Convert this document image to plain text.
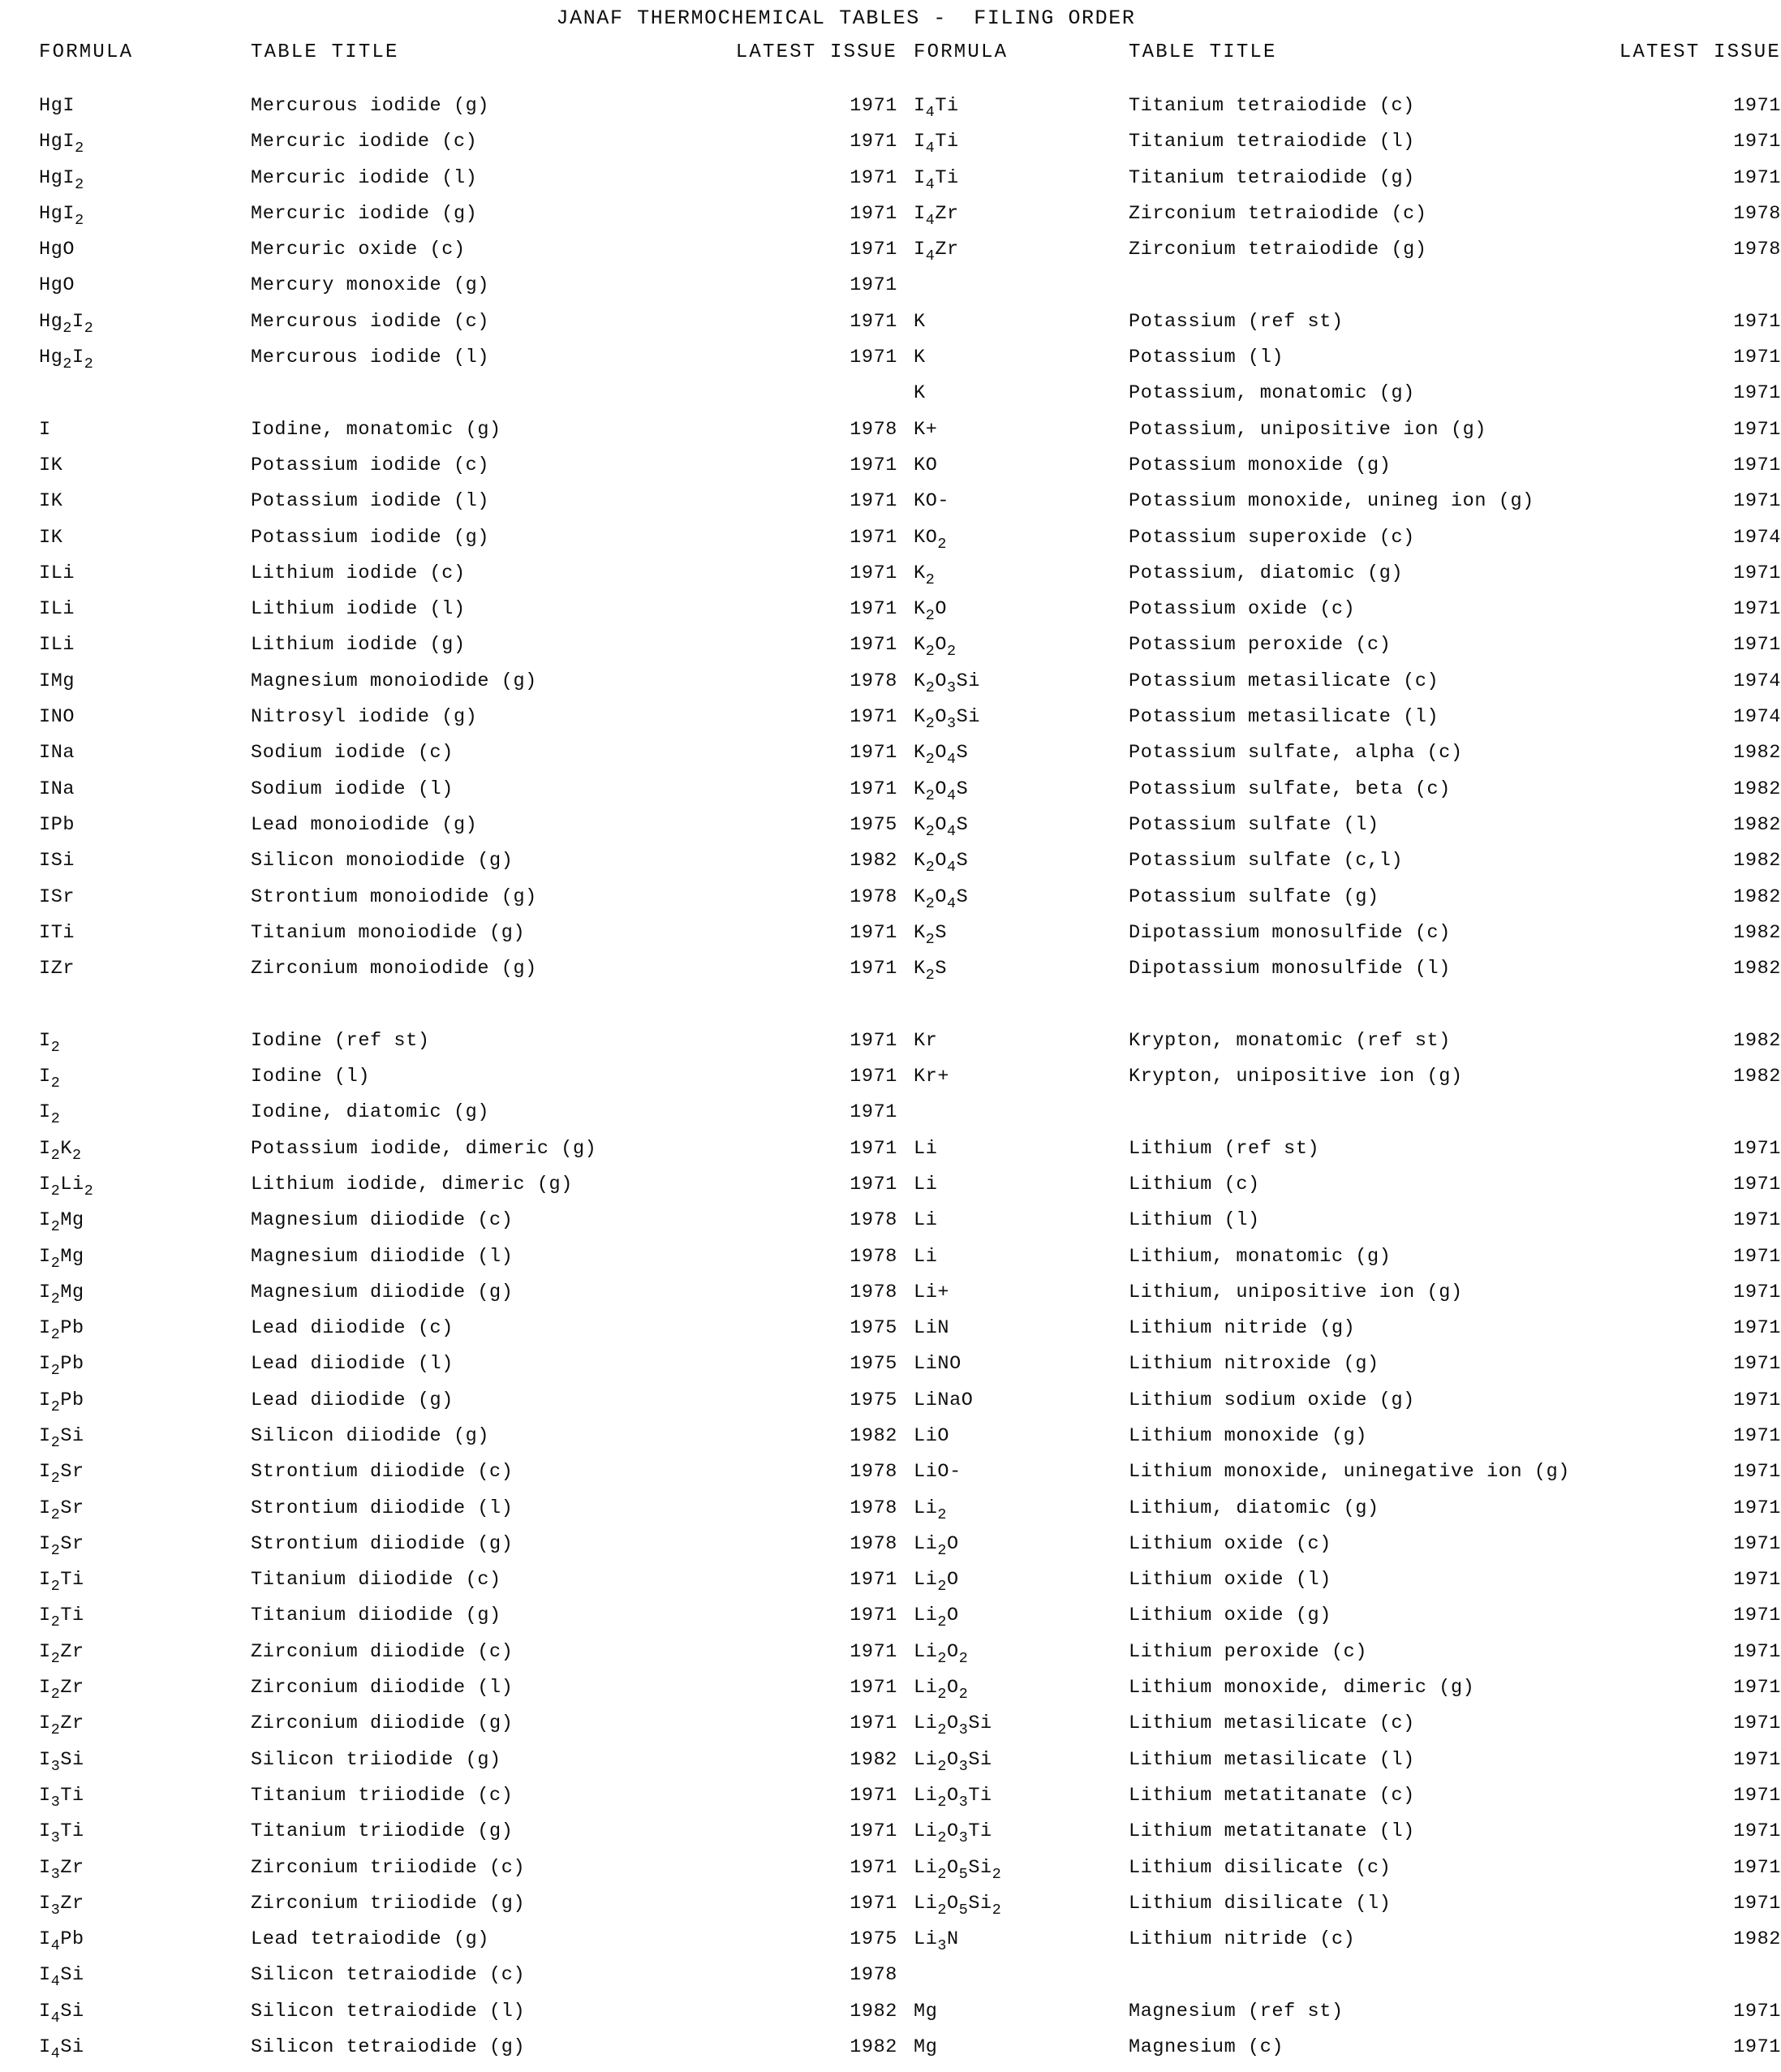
JANAF THERMOCHEMICAL TABLES -  FILING ORDER
FORMULA	TABLE TITLE	LATEST ISSUE
HgI	Mercurous iodide (g)	1971
HgI$_2$	Mercuric iodide (c)	1971
HgI$_2$	Mercuric iodide (l)	1971
HgI$_2$	Mercuric iodide (g)	1971
HgO	Mercuric oxide (c)	1971
HgO	Mercury monoxide (g)	1971
$Hg_2I_2$	Mercurous iodide (c)	1971
$Hg_2I_2$	Mercurous iodide (l)	1971
I	Iodine, monatomic (g)	1978
IK	Potassium iodide (c)	1971
IK	Potassium iodide (l)	1971
IK	Potassium iodide (g)	1971
ILi	Lithium iodide (c)	1971
ILi	Lithium iodide (l)	1971
ILi	Lithium iodide (g)	1971
IMg	Magnesium monoiodide (g)	1978
INO	Nitrosyl iodide (g)	1971
INa	Sodium iodide (c)	1971
INa	Sodium iodide (l)	1971
IPb	Lead monoiodide (g)	1975
ISi	Silicon monoiodide (g)	1982
ISr	Strontium monoiodide (g)	1978
ITi	Titanium monoiodide (g)	1971
IZr	Zirconium monoiodide (g)	1971
$I_2$	Iodine (ref st)	1971
$I_2$	Iodine (l)	1971
$I_2$	Iodine, diatomic (g)	1971
$I_2K_2$	Potassium iodide, dimeric (g)	1971
$I_2Li_2$	Lithium iodide, dimeric (g)	1971
$I_2Mg$	Magnesium diiodide (c)	1978
$I_2Mg$	Magnesium diiodide (l)	1978
$I_2Mg$	Magnesium diiodide (g)	1978
$I_2Pb$	Lead diiodide (c)	1975
$I_2Pb$	Lead diiodide (l)	1975
$I_2Pb$	Lead diiodide (g)	1975
$I_2Si$	Silicon diiodide (g)	1982
$I_2Sr$	Strontium diiodide (c)	1978
$I_2Sr$	Strontium diiodide (l)	1978
$I_2Sr$	Strontium diiodide (g)	1978
$I_2Ti$	Titanium diiodide (c)	1971
$I_2Ti$	Titanium diiodide (g)	1971
$I_2Zr$	Zirconium diiodide (c)	1971
$I_2Zr$	Zirconium diiodide (l)	1971
$I_2Zr$	Zirconium diiodide (g)	1971
$I_3Si$	Silicon triiodide (g)	1982
$I_3Ti$	Titanium triiodide (c)	1971
$I_3Ti$	Titanium triiodide (g)	1971
$I_3Zr$	Zirconium triiodide (c)	1971
$I_3Zr$	Zirconium triiodide (g)	1971
$I_4Pb$	Lead tetraiodide (g)	1975
$I_4Si$	Silicon tetraiodide (c)	1978
$I_4Si$	Silicon tetraiodide (l)	1982
$I_4Si$	Silicon tetraiodide (g)	1982
FORMULA	TABLE TITLE	LATEST ISSUE
$I_4Ti$	Titanium tetraiodide (c)	1971
$I_4Ti$	Titanium tetraiodide (l)	1971
$I_4Ti$	Titanium tetraiodide (g)	1971
$I_4Zr$	Zirconium tetraiodide (c)	1978
$I_4Zr$	Zirconium tetraiodide (g)	1978
K	Potassium (ref st)	1971
K	Potassium (l)	1971
K	Potassium, monatomic (g)	1971
K+	Potassium, unipositive ion (g)	1971
KO	Potassium monoxide (g)	1971
KO-	Potassium monoxide, unineg ion (g)	1971
$KO_2$	Potassium superoxide (c)	1974
$K_2$	Potassium, diatomic (g)	1971
$K_2O$	Potassium oxide (c)	1971
$K_2O_2$	Potassium peroxide (c)	1971
$K_2O_3Si$	Potassium metasilicate (c)	1974
$K_2O_3Si$	Potassium metasilicate (l)	1974
$K_2O_4S$	Potassium sulfate, alpha (c)	1982
$K_2O_4S$	Potassium sulfate, beta (c)	1982
$K_2O_4S$	Potassium sulfate (l)	1982
$K_2O_4S$	Potassium sulfate (c,l)	1982
$K_2O_4S$	Potassium sulfate (g)	1982
$K_2S$	Dipotassium monosulfide (c)	1982
$K_2S$	Dipotassium monosulfide (l)	1982
Kr	Krypton, monatomic (ref st)	1982
Kr+	Krypton, unipositive ion (g)	1982
Li	Lithium (ref st)	1971
Li	Lithium (c)	1971
Li	Lithium (l)	1971
Li	Lithium, monatomic (g)	1971
Li+	Lithium, unipositive ion (g)	1971
LiN	Lithium nitride (g)	1971
LiNO	Lithium nitroxide (g)	1971
LiNaO	Lithium sodium oxide (g)	1971
LiO	Lithium monoxide (g)	1971
LiO-	Lithium monoxide, uninegative ion (g)	1971
$Li_2$	Lithium, diatomic (g)	1971
$Li_2O$	Lithium oxide (c)	1971
$Li_2O$	Lithium oxide (l)	1971
$Li_2O$	Lithium oxide (g)	1971
$Li_2O_2$	Lithium peroxide (c)	1971
$Li_2O_2$	Lithium monoxide, dimeric (g)	1971
$Li_2O_3Si$	Lithium metasilicate (c)	1971
$Li_2O_3Si$	Lithium metasilicate (l)	1971
$Li_2O_3Ti$	Lithium metatitanate (c)	1971
$Li_2O_3Ti$	Lithium metatitanate (l)	1971
$Li_2O_5Si_2$	Lithium disilicate (c)	1971
$Li_2O_5Si_2$	Lithium disilicate (l)	1971
$Li_3N$	Lithium nitride (c)	1982
Mg	Magnesium (ref st)	1971
Mg	Magnesium (c)	1971
